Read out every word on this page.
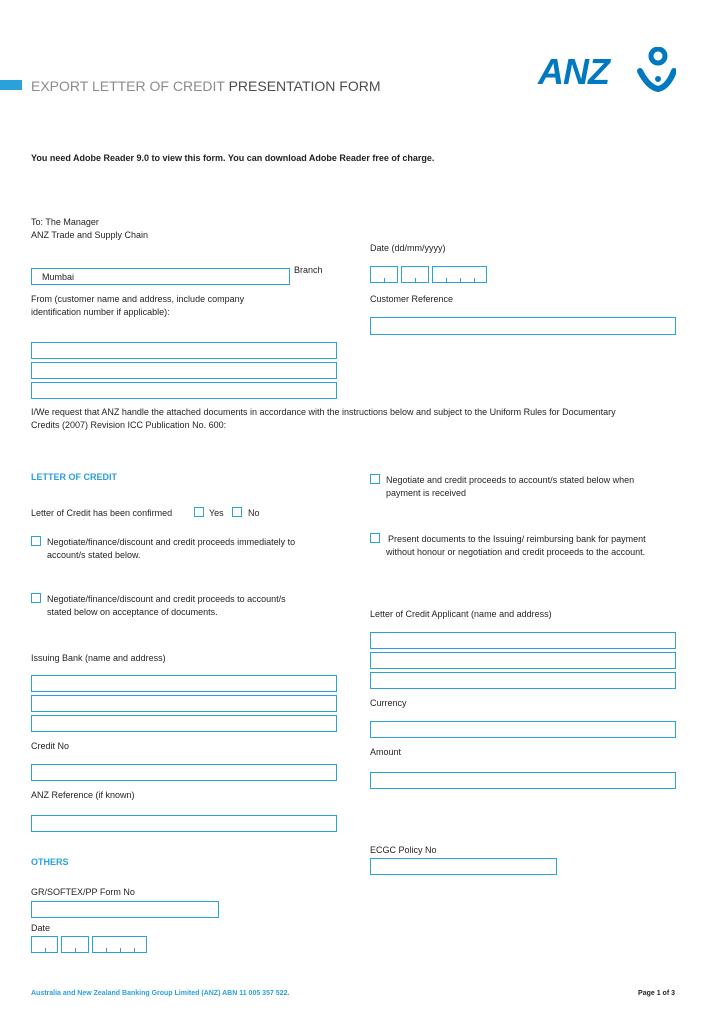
EXPORT LETTER OF CREDIT PRESENTATION FORM	ANZ
You need Adobe Reader 9.0 to view this form. You can download Adobe Reader free of charge.
To: The Manager
ANZ Trade and Supply Chain
Date (dd/mm/yyyy)
Mumbai
Branch
From (customer name and address, include company
identification number if applicable):
Customer Reference
I/We request that ANZ handle the attached documents in accordance with the instructions below and subject to the Uniform Rules for Documentary
Credits (2007) Revision ICC Publication No. 600:
LETTER OF CREDIT	Negotiate and credit proceeds to account/s stated below when
payment is received
Letter of Credit has been confirmed	Yes	No
Present documents to the Issuing/ reimbursing bank for payment
without honour or negotiation and credit proceeds to the account.
Negotiate/finance/discount and credit proceeds immediately to
account/s stated below.
Negotiate/finance/discount and credit proceeds to account/s
stated below on acceptance of documents.	Letter of Credit Applicant (name and address)
Issuing Bank (name and address)
Currency
Credit No
Amount
ANZ Reference (if known)
ECGC Policy No
OTHERS
GR/SOFTEX/PP Form No
Date
Australia and New Zealand Banking Group Limited (ANZ) ABN 11 005 357 522.	Page 1 of 3
